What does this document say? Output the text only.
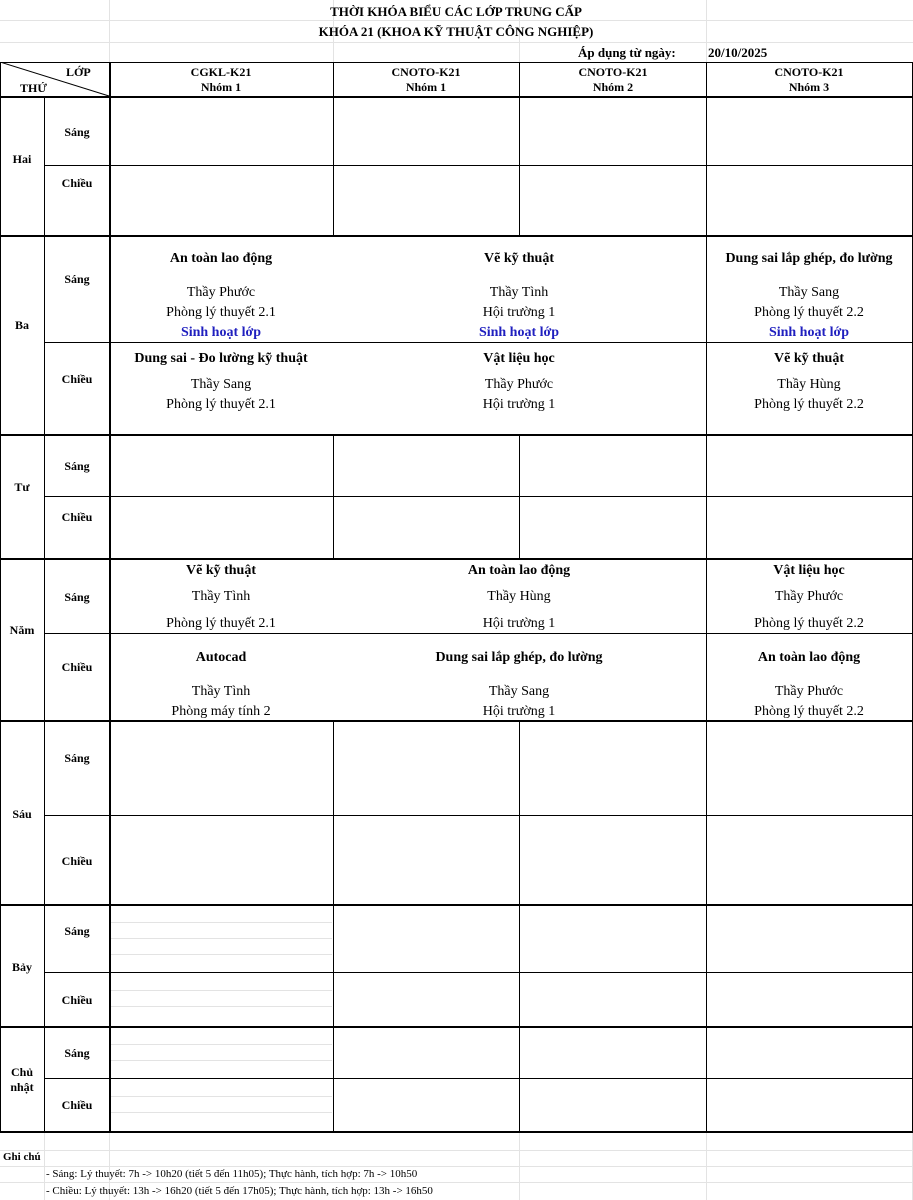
THỜI KHÓA BIỂU CÁC LỚP TRUNG CẤP
KHÓA 21 (KHOA KỸ THUẬT CÔNG NGHIỆP)
Áp dụng từ ngày: 20/10/2025
LỚP
THỨ
CGKL-K21
Nhóm 1
CNOTO-K21
Nhóm 1
CNOTO-K21
Nhóm 2
CNOTO-K21
Nhóm 3
Hai
Ba
Tư
Năm
Sáu
Bảy
Chủ
nhật
Sáng
Chiều
Sáng
Chiều
Sáng
Chiều
Sáng
Chiều
Sáng
Chiều
Sáng
Chiều
Sáng
Chiều
An toàn lao động
Thầy Phước
Phòng lý thuyết 2.1
Sinh hoạt lớp
Vẽ kỹ thuật
Thầy Tình
Hội trường 1
Sinh hoạt lớp
Dung sai lắp ghép, đo lường
Thầy Sang
Phòng lý thuyết 2.2
Sinh hoạt lớp
Dung sai - Đo lường kỹ thuật
Thầy Sang
Phòng lý thuyết 2.1
Vật liệu học
Thầy Phước
Hội trường 1
Vẽ kỹ thuật
Thầy Hùng
Phòng lý thuyết 2.2
Vẽ kỹ thuật
Thầy Tình
Phòng lý thuyết 2.1
An toàn lao động
Thầy Hùng
Hội trường 1
Vật liệu học
Thầy Phước
Phòng lý thuyết 2.2
Autocad
Thầy Tình
Phòng máy tính 2
Dung sai lắp ghép, đo lường
Thầy Sang
Hội trường 1
An toàn lao động
Thầy Phước
Phòng lý thuyết 2.2
Ghi chú
- Sáng: Lý thuyết: 7h -> 10h20 (tiết 5 đến 11h05); Thực hành, tích hợp: 7h -> 10h50
- Chiều: Lý thuyết: 13h -> 16h20 (tiết 5 đến 17h05); Thực hành, tích hợp: 13h -> 16h50
